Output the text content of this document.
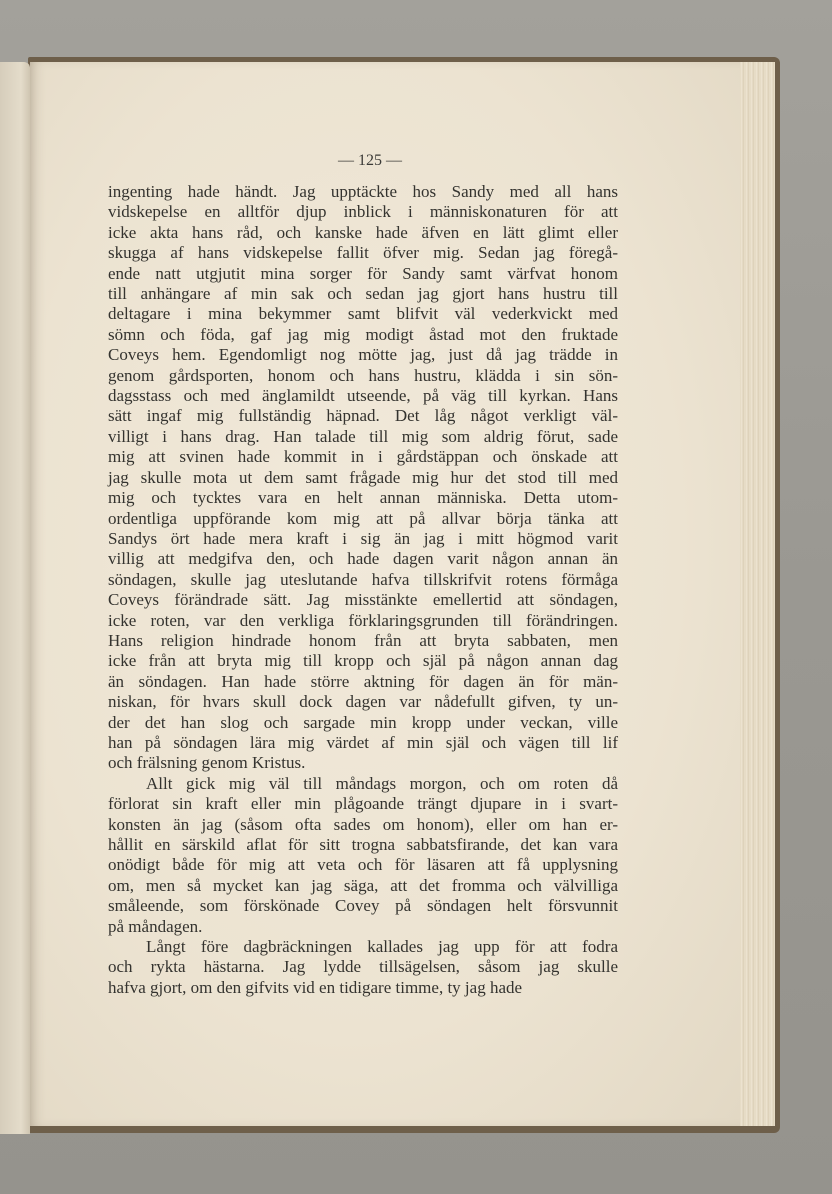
— 125 —

ingenting hade händt. Jag upptäckte hos Sandy med all hans
vidskepelse en alltför djup inblick i människonaturen för att
icke akta hans råd, och kanske hade äfven en lätt glimt eller
skugga af hans vidskepelse fallit öfver mig. Sedan jag föregå-
ende natt utgjutit mina sorger för Sandy samt värfvat honom
till anhängare af min sak och sedan jag gjort hans hustru till
deltagare i mina bekymmer samt blifvit väl vederkvickt med
sömn och föda, gaf jag mig modigt åstad mot den fruktade
Coveys hem. Egendomligt nog mötte jag, just då jag trädde in
genom gårdsporten, honom och hans hustru, klädda i sin sön-
dagsstass och med änglamildt utseende, på väg till kyrkan. Hans
sätt ingaf mig fullständig häpnad. Det låg något verkligt väl-
villigt i hans drag. Han talade till mig som aldrig förut, sade
mig att svinen hade kommit in i gårdstäppan och önskade att
jag skulle mota ut dem samt frågade mig hur det stod till med
mig och tycktes vara en helt annan människa. Detta utom-
ordentliga uppförande kom mig att på allvar börja tänka att
Sandys ört hade mera kraft i sig än jag i mitt högmod varit
villig att medgifva den, och hade dagen varit någon annan än
söndagen, skulle jag uteslutande hafva tillskrifvit rotens förmåga
Coveys förändrade sätt. Jag misstänkte emellertid att söndagen,
icke roten, var den verkliga förklaringsgrunden till förändringen.
Hans religion hindrade honom från att bryta sabbaten, men
icke från att bryta mig till kropp och själ på någon annan dag
än söndagen. Han hade större aktning för dagen än för män-
niskan, för hvars skull dock dagen var nådefullt gifven, ty un-
der det han slog och sargade min kropp under veckan, ville
han på söndagen lära mig värdet af min själ och vägen till lif
och frälsning genom Kristus.

Allt gick mig väl till måndags morgon, och om roten då
förlorat sin kraft eller min plågoande trängt djupare in i svart-
konsten än jag (såsom ofta sades om honom), eller om han er-
hållit en särskild aflat för sitt trogna sabbatsfirande, det kan vara
onödigt både för mig att veta och för läsaren att få upplysning
om, men så mycket kan jag säga, att det fromma och välvilliga
småleende, som förskönade Covey på söndagen helt försvunnit
på måndagen.

Långt före dagbräckningen kallades jag upp för att fodra
och rykta hästarna. Jag lydde tillsägelsen, såsom jag skulle
hafva gjort, om den gifvits vid en tidigare timme, ty jag hade
